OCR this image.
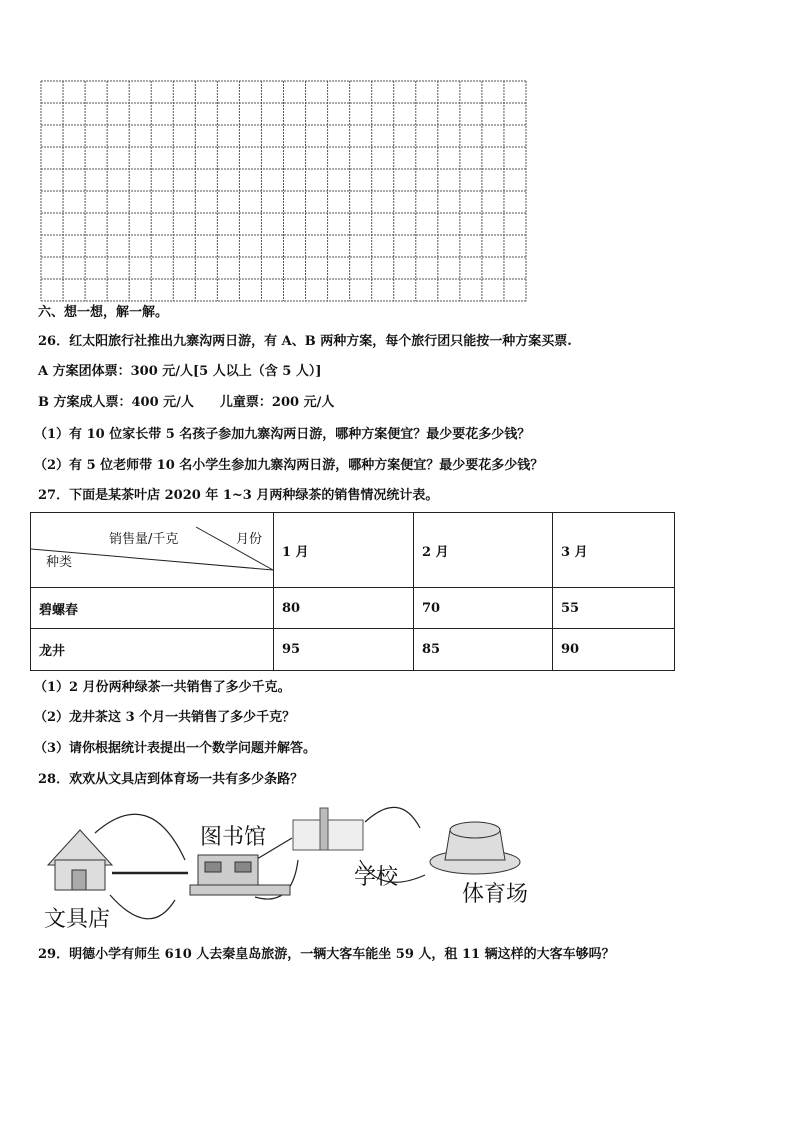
六、想一想，解一解。
26．红太阳旅行社推出九寨沟两日游，有 A、B 两种方案，每个旅行团只能按一种方案买票.
A 方案团体票：300 元/人[5 人以上（含 5 人）]
B 方案成人票：400 元/人　　儿童票：200 元/人
（1）有 10 位家长带 5 名孩子参加九寨沟两日游，哪种方案便宜？最少要花多少钱？
（2）有 5 位老师带 10 名小学生参加九寨沟两日游，哪种方案便宜？最少要花多少钱？
27．下面是某茶叶店 2020 年 1~3 月两种绿茶的销售情况统计表。
销售量/千克 月份
种类	1 月	2 月	3 月
碧螺春	80	70	55
龙井	95	85	90
（1）2 月份两种绿茶一共销售了多少千克。
（2）龙井茶这 3 个月一共销售了多少千克？
（3）请你根据统计表提出一个数学问题并解答。
28．欢欢从文具店到体育场一共有多少条路？
文具店
图书馆
学校
体育场
29．明德小学有师生 610 人去秦皇岛旅游，一辆大客车能坐 59 人，租 11 辆这样的大客车够吗？
